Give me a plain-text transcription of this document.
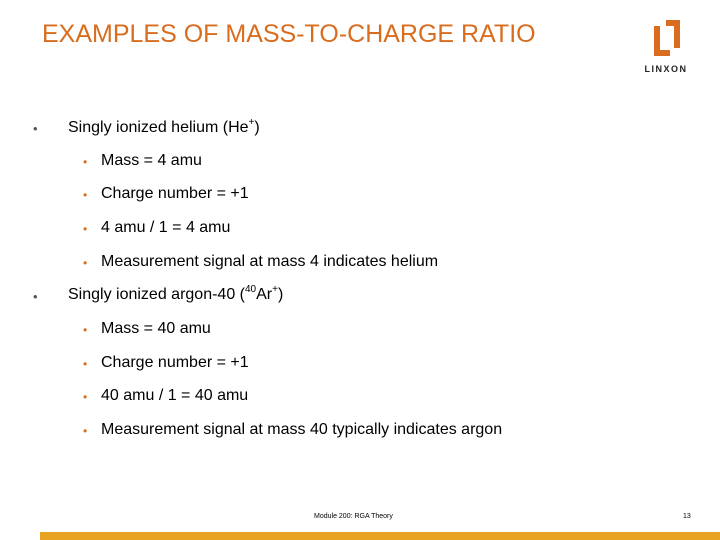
EXAMPLES OF MASS-TO-CHARGE RATIO
LINXON
• Singly ionized helium (He+)
• Mass = 4 amu
• Charge number = +1
• 4 amu / 1 = 4 amu
• Measurement signal at mass 4 indicates helium
• Singly ionized argon-40 ($^{40}$Ar+)
• Mass = 40 amu
• Charge number = +1
• 40 amu / 1 = 40 amu
• Measurement signal at mass 40 typically indicates argon
Module 200: RGA Theory	13
